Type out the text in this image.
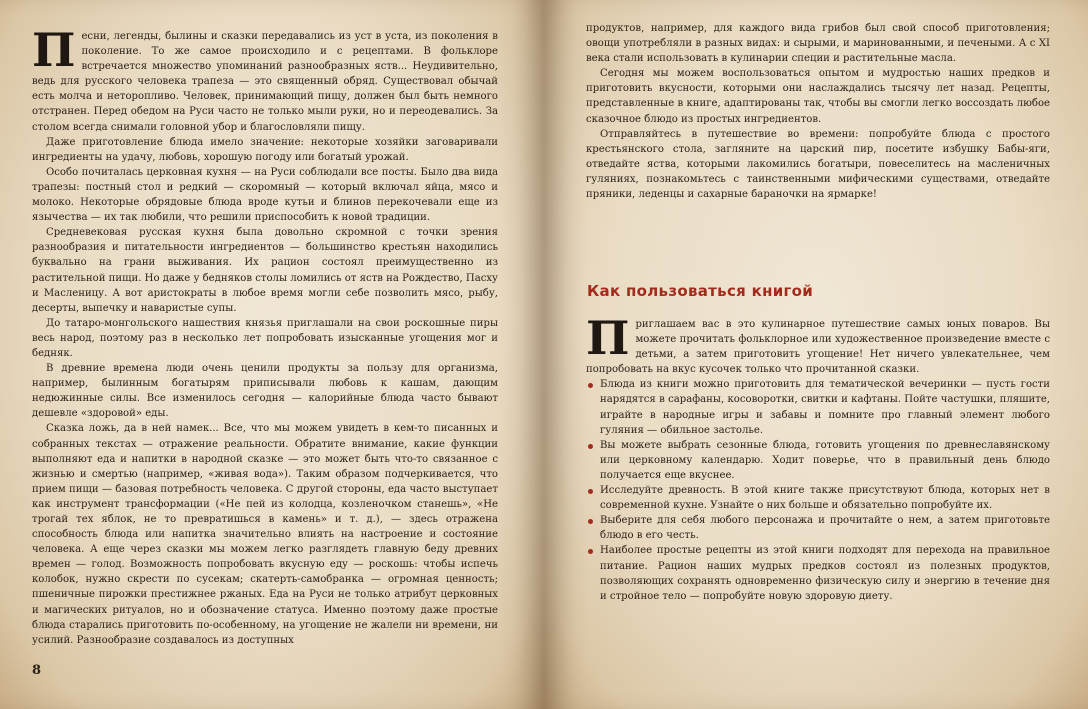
Песни, легенды, былины и сказки передавались из уст в уста, из поколения в поколение. То же самое происходило и с рецептами. В фольклоре встречается множество упоминаний разнообразных яств... Неудивительно, ведь для русского человека трапеза — это священный обряд. Существовал обычай есть молча и неторопливо. Человек, принимающий пищу, должен был быть немного отстранен. Перед обедом на Руси часто не только мыли руки, но и переодевались. За столом всегда снимали головной убор и благословляли пищу.

Даже приготовление блюда имело значение: некоторые хозяйки заговаривали ингредиенты на удачу, любовь, хорошую погоду или богатый урожай.

Особо почиталась церковная кухня — на Руси соблюдали все посты. Было два вида трапезы: постный стол и редкий — скоромный — который включал яйца, мясо и молоко. Некоторые обрядовые блюда вроде кутьи и блинов перекочевали еще из язычества — их так любили, что решили приспособить к новой традиции.

Средневековая русская кухня была довольно скромной с точки зрения разнообразия и питательности ингредиентов — большинство крестьян находились буквально на грани выживания. Их рацион состоял преимущественно из растительной пищи. Но даже у бедняков столы ломились от яств на Рождество, Пасху и Масленицу. А вот аристократы в любое время могли себе позволить мясо, рыбу, десерты, выпечку и наваристые супы.

До татаро-монгольского нашествия князья приглашали на свои роскошные пиры весь народ, поэтому раз в несколько лет попробовать изысканные угощения мог и бедняк.

В древние времена люди очень ценили продукты за пользу для организма, например, былинным богатырям приписывали любовь к кашам, дающим недюжинные силы. Все изменилось сегодня — калорийные блюда часто бывают дешевле «здоровой» еды.

Сказка ложь, да в ней намек... Все, что мы можем увидеть в кем-то писанных и собранных текстах — отражение реальности. Обратите внимание, какие функции выполняют еда и напитки в народной сказке — это может быть что-то связанное с жизнью и смертью (например, «живая вода»). Таким образом подчеркивается, что прием пищи — базовая потребность человека. С другой стороны, еда часто выступает как инструмент трансформации («Не пей из колодца, козленочком станешь», «Не трогай тех яблок, не то превратишься в камень» и т. д.), — здесь отражена способность блюда или напитка значительно влиять на настроение и состояние человека. А еще через сказки мы можем легко разглядеть главную беду древних времен — голод. Возможность попробовать вкусную еду — роскошь: чтобы испечь колобок, нужно скрести по сусекам; скатерть-самобранка — огромная ценность; пшеничные пирожки престижнее ржаных. Еда на Руси не только атрибут церковных и магических ритуалов, но и обозначение статуса. Именно поэтому даже простые блюда старались приготовить по-особенному, на угощение не жалели ни времени, ни усилий. Разнообразие создавалось из доступных

8

продуктов, например, для каждого вида грибов был свой способ приготовления; овощи употребляли в разных видах: и сырыми, и маринованными, и печеными. А с XI века стали использовать в кулинарии специи и растительные масла.

Сегодня мы можем воспользоваться опытом и мудростью наших предков и приготовить вкусности, которыми они наслаждались тысячу лет назад. Рецепты, представленные в книге, адаптированы так, чтобы вы смогли легко воссоздать любое сказочное блюдо из простых ингредиентов.

Отправляйтесь в путешествие во времени: попробуйте блюда с простого крестьянского стола, загляните на царский пир, посетите избушку Бабы-яги, отведайте яства, которыми лакомились богатыри, повеселитесь на масленичных гуляниях, познакомьтесь с таинственными мифическими существами, отведайте пряники, леденцы и сахарные бараночки на ярмарке!

Как пользоваться книгой

Приглашаем вас в это кулинарное путешествие самых юных поваров. Вы можете прочитать фольклорное или художественное произведение вместе с детьми, а затем приготовить угощение! Нет ничего увлекательнее, чем попробовать на вкус кусочек только что прочитанной сказки.

Блюда из книги можно приготовить для тематической вечеринки — пусть гости нарядятся в сарафаны, косоворотки, свитки и кафтаны. Пойте частушки, пляшите, играйте в народные игры и забавы и помните про главный элемент любого гуляния — обильное застолье.
Вы можете выбрать сезонные блюда, готовить угощения по древнеславянскому или церковному календарю. Ходит поверье, что в правильный день блюдо получается еще вкуснее.
Исследуйте древность. В этой книге также присутствуют блюда, которых нет в современной кухне. Узнайте о них больше и обязательно попробуйте их.
Выберите для себя любого персонажа и прочитайте о нем, а затем приготовьте блюдо в его честь.
Наиболее простые рецепты из этой книги подходят для перехода на правильное питание. Рацион наших мудрых предков состоял из полезных продуктов, позволяющих сохранять одновременно физическую силу и энергию в течение дня и стройное тело — попробуйте новую здоровую диету.
